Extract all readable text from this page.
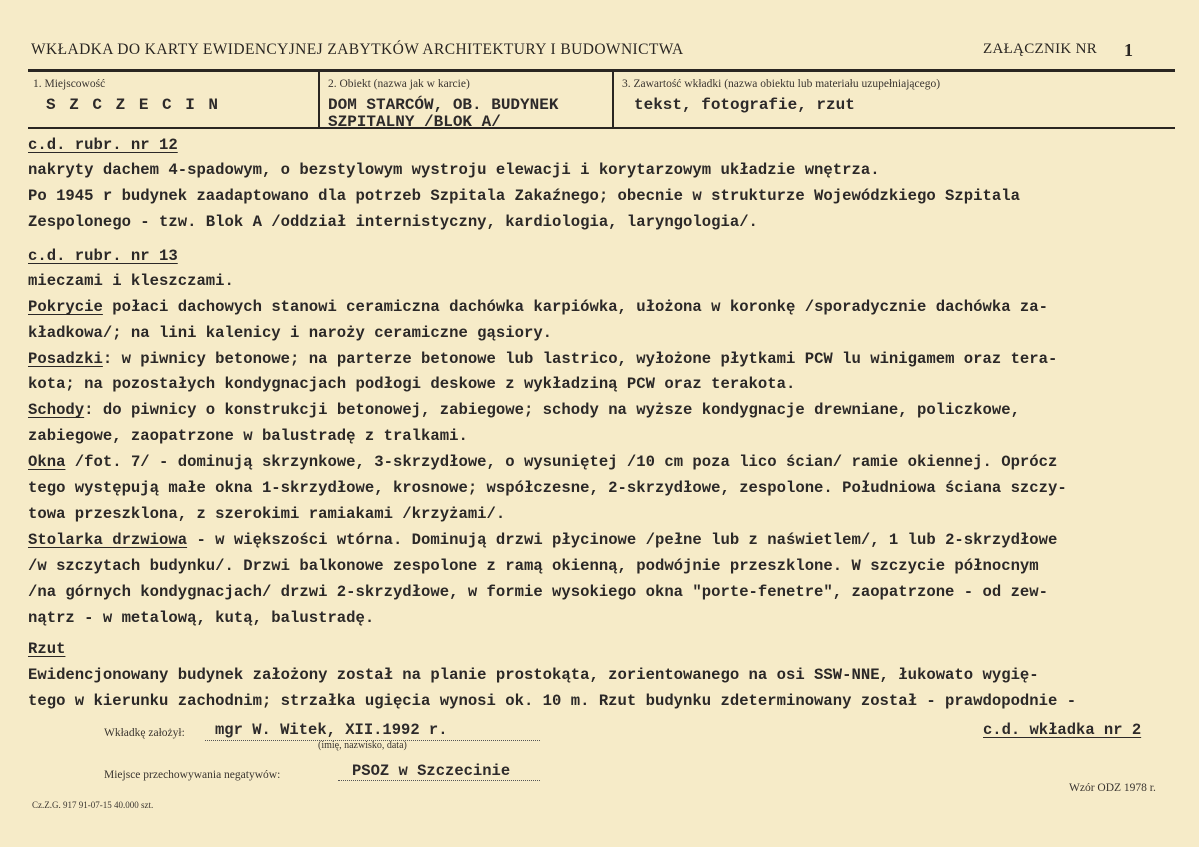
WKŁADKA DO KARTY EWIDENCYJNEJ ZABYTKÓW ARCHITEKTURY I BUDOWNICTWA	ZAŁĄCZNIK NR 1
1. Miejscowość
S Z C Z E C I N
2. Obiekt (nazwa jak w karcie)
DOM STARCÓW, OB. BUDYNEK
SZPITALNY /BLOK A/
3. Zawartość wkładki (nazwa obiektu lub materiału uzupełniającego)
tekst, fotografie, rzut
c.d. rubr. nr 12
nakryty dachem 4-spadowym, o bezstylowym wystroju elewacji i korytarzowym układzie wnętrza.
Po 1945 r budynek zaadaptowano dla potrzeb Szpitala Zakaźnego; obecnie w strukturze Wojewódzkiego Szpitala
Zespolonego - tzw. Blok A /oddział internistyczny, kardiologia, laryngologia/.
c.d. rubr. nr 13
mieczami i kleszczami.
Pokrycie połaci dachowych stanowi ceramiczna dachówka karpiówka, ułożona w koronkę /sporadycznie dachówka za-
kładkowa/; na lini kalenicy i naroży ceramiczne gąsiory.
Posadzki: w piwnicy betonowe; na parterze betonowe lub lastrico, wyłożone płytkami PCW lu winigamem oraz tera-
kota; na pozostałych kondygnacjach podłogi deskowe z wykładziną PCW oraz terakota.
Schody: do piwnicy o konstrukcji betonowej, zabiegowe; schody na wyższe kondygnacje drewniane, policzkowe,
zabiegowe, zaopatrzone w balustradę z tralkami.
Okna /fot. 7/ - dominują skrzynkowe, 3-skrzydłowe, o wysuniętej /10 cm poza lico ścian/ ramie okiennej. Oprócz
tego występują małe okna 1-skrzydłowe, krosnowe; współczesne, 2-skrzydłowe, zespolone. Południowa ściana szczy-
towa przeszklona, z szerokimi ramiakami /krzyżami/.
Stolarka drzwiowa - w większości wtórna. Dominują drzwi płycinowe /pełne lub z naświetlem/, 1 lub 2-skrzydłowe
/w szczytach budynku/. Drzwi balkonowe zespolone z ramą okienną, podwójnie przeszklone. W szczycie północnym
/na górnych kondygnacjach/ drzwi 2-skrzydłowe, w formie wysokiego okna "porte-fenetre", zaopatrzone - od zew-
nątrz - w metalową, kutą, balustradę.
Rzut
Ewidencjonowany budynek założony został na planie prostokąta, zorientowanego na osi SSW-NNE, łukowato wygię-
tego w kierunku zachodnim; strzałka ugięcia wynosi ok. 10 m. Rzut budynku zdeterminowany został - prawdopodnie -
Wkładkę założył: mgr W. Witek, XII.1992 r.
(imię, nazwisko, data)
c.d. wkładka nr 2
Miejsce przechowywania negatywów:	PSOZ w Szczecinie
Cz.Z.G. 917 91-07-15 40.000 szt.
Wzór ODZ 1978 r.
